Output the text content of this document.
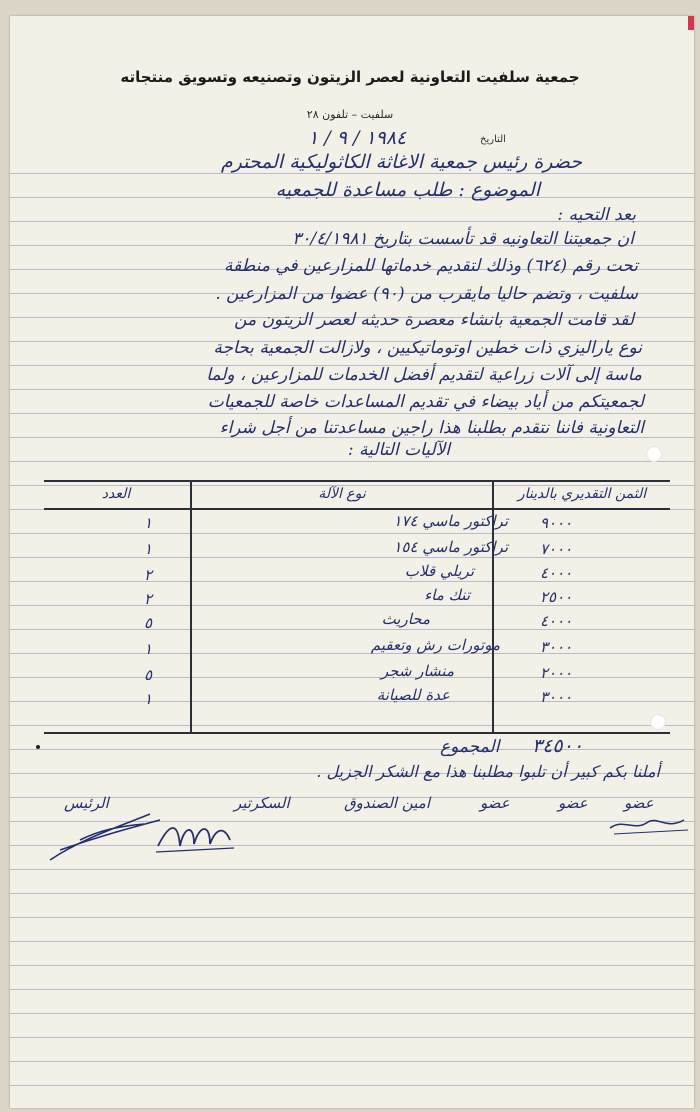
جمعية سلفيت التعاونية لعصر الزيتون وتصنيعه وتسويق منتجاته
سلفيت – تلفون ٢٨
التاريخ
١٩٨٤ / ٩ / ١
حضرة رئيس جمعية الاغاثة الكاثوليكية المحترم
الموضوع : طلب مساعدة للجمعيه
بعد التحيه :
ان جمعيتنا التعاونيه قد تأسست بتاريخ ٣٠/٤/١٩٨١
تحت رقم (٦٢٤) وذلك لتقديم خدماتها للمزارعين في منطقة
سلفيت ، وتضم حاليا مايقرب من (٩٠) عضوا من المزارعين .
لقد قامت الجمعية بانشاء معصرة حديثه لعصر الزيتون من
نوع ياراليزي ذات خطين اوتوماتيكيين ، ولازالت الجمعية بحاجة
ماسة إلى آلات زراعية لتقديم أفضل الخدمات للمزارعين ، ولما
لجمعيتكم من أياد بيضاء في تقديم المساعدات خاصة للجمعيات
التعاونية فاننا نتقدم بطلبنا هذا راجين مساعدتنا من أجل شراء
الآليات التالية :
الثمن التقديري بالدينار
نوع الآلة
العدد
٩٠٠٠
تراكتور ماسي ١٧٤
١
٧٠٠٠
تراكتور ماسي ١٥٤
١
٤٠٠٠
تريلي قلاب
٢
٢٥٠٠
تنك ماء
٢
٤٠٠٠
محاريث
٥
٣٠٠٠
موتورات رش وتعقيم
١
٢٠٠٠
منشار شجر
٥
٣٠٠٠
عدة للصيانة
١
المجموع ٣٤٥٠٠
أملنا بكم كبير أن تلبوا مطلبنا هذا مع الشكر الجزيل .
عضو
عضو
عضو
امين الصندوق
السكرتير
الرئيس
